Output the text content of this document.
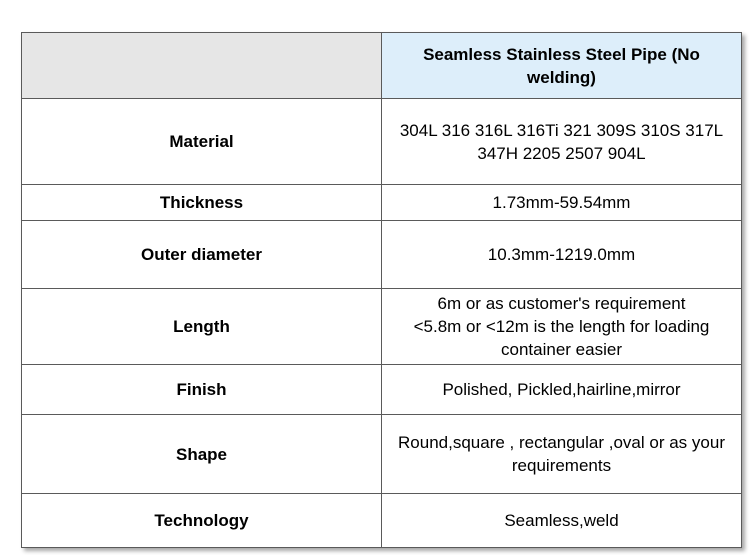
	Seamless Stainless Steel Pipe (No welding)
Material	304L 316 316L 316Ti 321 309S 310S 317L 347H 2205 2507 904L
Thickness	1.73mm-59.54mm
Outer diameter	10.3mm-1219.0mm
Length	6m or as customer's requirement
<5.8m or <12m is the length for loading container easier

Finish	Polished, Pickled,hairline,mirror
Shape	Round,square , rectangular ,oval or as your requirements
Technology	Seamless,weld
